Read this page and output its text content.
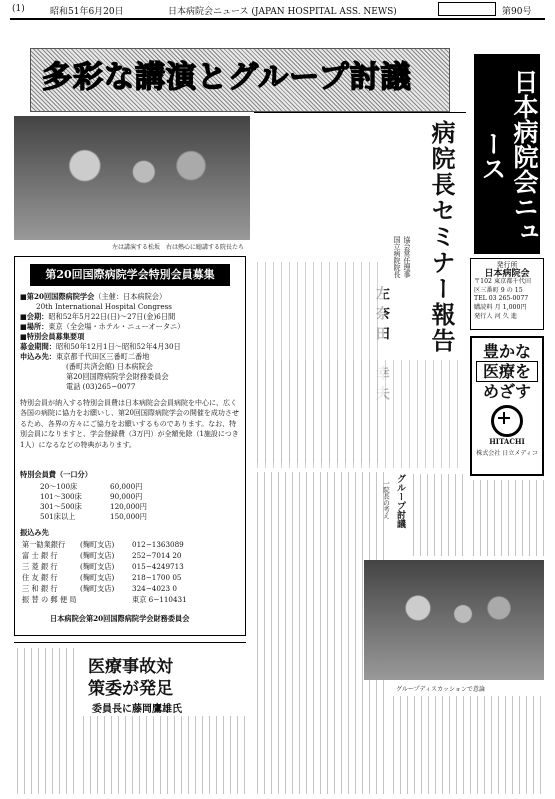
(1)	昭和51年6月20日	日本病院会ニュース (JAPAN HOSPITAL ASS. NEWS)	第90号
多彩な講演とグループ討議	日本病院会ニュース
発行所
日本病院会
〒102 東京都千代田
区三番町 9 の 15
TEL 03 265-0077
購読料 月 1,000円
発行人 河 久 進
豊かな
医療を
めざす
HITACHI
株式会社 日立メディコ
左は講演する松坂　右は熱心に聴講する院長たち
　　　　　　　　　　　　　　　　　　　　　　　　　　　　　　　　　　　　　　　　　　　　　　　　　　　　　　　　　　　　　　　　　　　　　　　	病院長セミナー報告
協会常任理事
国立病院院長
第20回国際病院学会特別会員募集
■第20回国際病院学会（主催：日本病院会）
20th International Hospital Congress
■会期：昭和52年5月22日(日)〜27日(金)6日間
■場所：東京（全会場・ホテル・ニューオータニ）
■特別会員募集要項
募金期間：昭和50年12月1日〜昭和52年4月30日
申込み先：東京都千代田区三番町二番地
(番町共済会館) 日本病院会
第20回国際病院学会財務委員会
電話 (03)265−0077
特別会員が納入する特別会員費は日本病院会会員病院を中心に、広く各国の病院に協力をお願いし、第20回国際病院学会の開催を成功させるため、各界の方々にご協力をお願いするものであります。なお、特別会員になりますと、学会登録費（3万円）が全額免除（1施設につき1人）になるなどの特典があります。
特別会員費（一口分）
20〜100床	60,000円
101〜300床	90,000円
301〜500床	120,000円
501床以上	150,000円
振込み先
第一勧業銀行 (麹町支店) 012−1363089
富 士 銀 行	(麹町支店) 252−7014 20
三 菱 銀 行	(麹町支店) 015−4249713
住 友 銀 行	(麹町支店) 218−1700 05
三 和 銀 行	(麹町支店) 324−4023 0
振 替 の 郵 便 局	東京 6−110431
日本病院会第20回国際病院学会財務委員会
医療事故対
策委が発足
委員長に藤岡鷹雄氏
グループ討議
一院長の考え
グループディスカッションで意論
